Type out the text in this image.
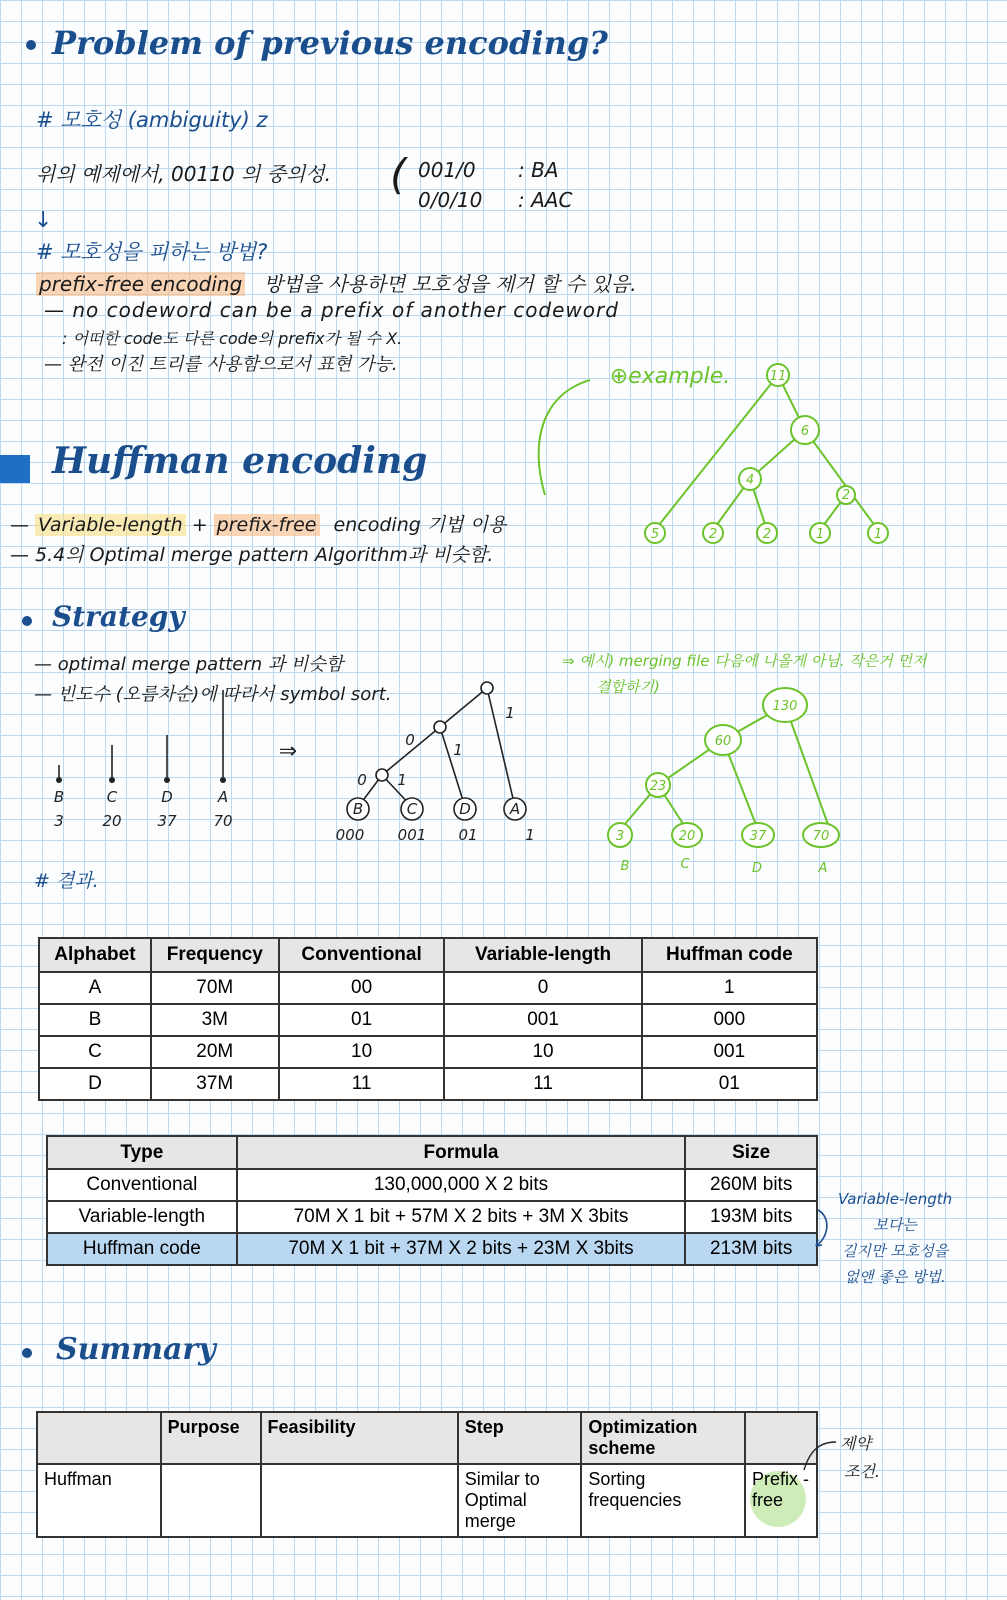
Problem of previous encoding?
# 모호성 (ambiguity) z
위의 예제에서, 00110 의 중의성. ( 001/0 : BA
0/0/10 : AAC
↓
# 모호성을 피하는 방법?
prefix-free encoding 방법을 사용하면 모호성을 제거 할 수 있음.
— no codeword can be a prefix of another codeword
: 어떠한 code도 다른 code의 prefix가 될 수 X.
— 완전 이진 트리를 사용함으로서 표현 가능.	⊕example.	11
6
4
2
5	2	2	1	1
Huffman encoding
— Variable-length + prefix-free encoding 기법 이용
— 5.4의 Optimal merge pattern Algorithm과 비슷함.
Strategy
— optimal merge pattern 과 비슷함
— 빈도수 (오름차순)에 따라서 symbol sort.
⇒ 예시) merging file 다음에 나올게 아님. 작은거 먼저
결합하기)
B	C	D	A
3	20 37 70
⇒	0
1
0
1
0
1
B	C	D	A
000 001 01	1
130
60
23
3	20	37	70
B	C	D	A
# 결과.
Alphabet	Frequency	Conventional	Variable-length	Huffman code
A	70M	00	0	1
B	3M	01	001	000
C	20M	10	10	001
D	37M	11	11	01
Type	Formula	Size
Conventional	130,000,000 X 2 bits	260M bits
Variable-length	70M X 1 bit + 57M X 2 bits + 3M X 3bits	193M bits
Huffman code	70M X 1 bit + 37M X 2 bits + 23M X 3bits	213M bits
Variable-length
보다는
길지만 모호성을
없앤 좋은 방법.
Summary
	Purpose	Feasibility	Step	Optimization scheme	
Huffman			Similar to Optimal merge	Sorting frequencies	Prefix -free
제약
조건.
